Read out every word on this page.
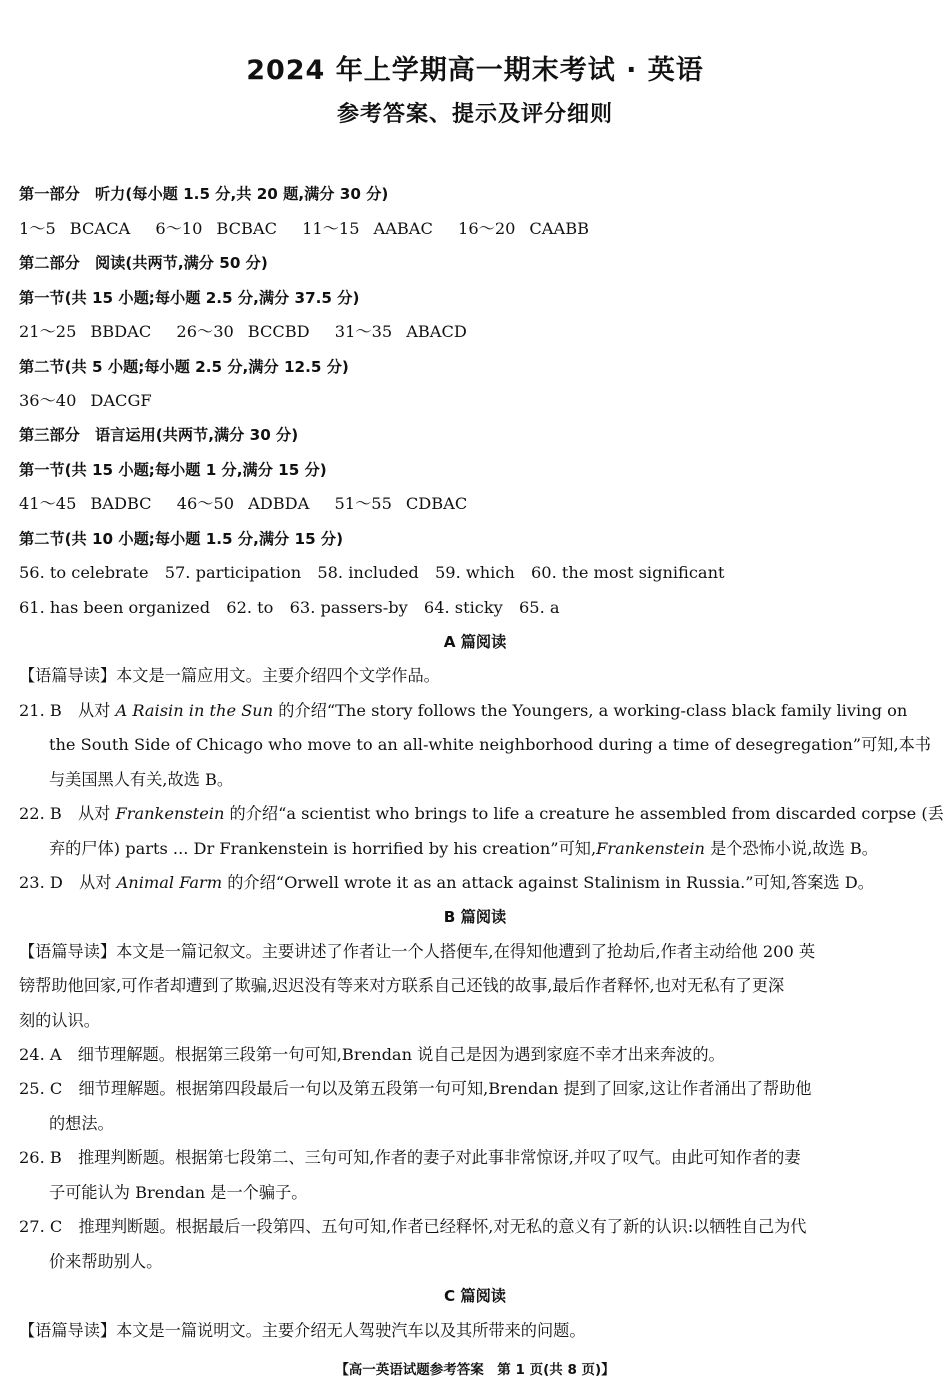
2024 年上学期高一期末考试 · 英语
参考答案、提示及评分细则
第一部分　听力(每小题 1.5 分,共 20 题,满分 30 分)
1～5 BCACA 6～10 BCBAC 11～15 AABAC 16～20 CAABB
第二部分　阅读(共两节,满分 50 分)
第一节(共 15 小题;每小题 2.5 分,满分 37.5 分)
21～25 BBDAC 26～30 BCCBD 31～35 ABACD
第二节(共 5 小题;每小题 2.5 分,满分 12.5 分)
36～40 DACGF
第三部分　语言运用(共两节,满分 30 分)
第一节(共 15 小题;每小题 1 分,满分 15 分)
41～45 BADBC 46～50 ADBDA 51～55 CDBAC
第二节(共 10 小题;每小题 1.5 分,满分 15 分)
56. to celebrate　57. participation　58. included　59. which　60. the most significant
61. has been organized　62. to　63. passers-by　64. sticky　65. a
A 篇阅读
【语篇导读】本文是一篇应用文。主要介绍四个文学作品。
21. B　 从对 A Raisin in the Sun 的介绍“The story follows the Youngers, a working-class black family living on
the South Side of Chicago who move to an all-white neighborhood during a time of desegregation”可知,本书
与美国黑人有关,故选 B。
22. B　 从对 Frankenstein 的介绍“a scientist who brings to life a creature he assembled from discarded corpse (丢
弃的尸体) parts ... Dr Frankenstein is horrified by his creation”可知,Frankenstein 是个恐怖小说,故选 B。
23. D　 从对 Animal Farm 的介绍“Orwell wrote it as an attack against Stalinism in Russia.”可知,答案选 D。
B 篇阅读
【语篇导读】本文是一篇记叙文。主要讲述了作者让一个人搭便车,在得知他遭到了抢劫后,作者主动给他 200 英
镑帮助他回家,可作者却遭到了欺骗,迟迟没有等来对方联系自己还钱的故事,最后作者释怀,也对无私有了更深
刻的认识。
24. A　 细节理解题。根据第三段第一句可知,Brendan 说自己是因为遇到家庭不幸才出来奔波的。
25. C　 细节理解题。根据第四段最后一句以及第五段第一句可知,Brendan 提到了回家,这让作者涌出了帮助他
的想法。
26. B　 推理判断题。根据第七段第二、三句可知,作者的妻子对此事非常惊讶,并叹了叹气。由此可知作者的妻
子可能认为 Brendan 是一个骗子。
27. C　 推理判断题。根据最后一段第四、五句可知,作者已经释怀,对无私的意义有了新的认识:以牺牲自己为代
价来帮助别人。
C 篇阅读
【语篇导读】本文是一篇说明文。主要介绍无人驾驶汽车以及其所带来的问题。
【高一英语试题参考答案　第 1 页(共 8 页)】
